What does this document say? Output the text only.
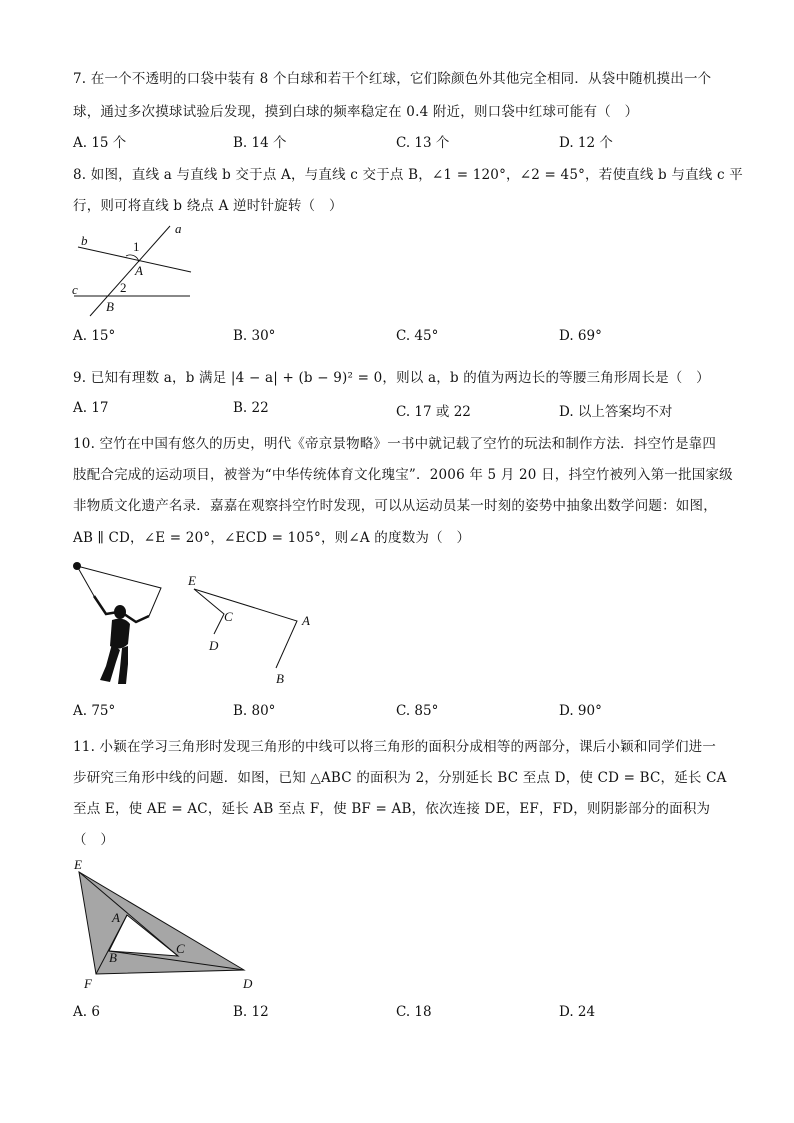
7. 在一个不透明的口袋中装有 8 个白球和若干个红球，它们除颜色外其他完全相同．从袋中随机摸出一个
球，通过多次摸球试验后发现，摸到白球的频率稳定在 0.4 附近，则口袋中红球可能有（　）
A. 15 个	B. 14 个	C. 13 个	D. 12 个
8. 如图，直线 a 与直线 b 交于点 A，与直线 c 交于点 B，∠1 = 120°，∠2 = 45°，若使直线 b 与直线 c 平
行，则可将直线 b 绕点 A 逆时针旋转（　）
a
b
c
1
2
A
B
A. 15°	B. 30°	C. 45°	D. 69°
9. 已知有理数 a，b 满足 |4 − a| + (b − 9)² = 0，则以 a，b 的值为两边长的等腰三角形周长是（　）
A. 17	B. 22	C. 17 或 22	D. 以上答案均不对
10. 空竹在中国有悠久的历史，明代《帝京景物略》一书中就记载了空竹的玩法和制作方法．抖空竹是靠四
肢配合完成的运动项目，被誉为“中华传统体育文化瑰宝”．2006 年 5 月 20 日，抖空竹被列入第一批国家级
非物质文化遗产名录．嘉嘉在观察抖空竹时发现，可以从运动员某一时刻的姿势中抽象出数学问题：如图，
AB ∥ CD，∠E = 20°，∠ECD = 105°，则∠A 的度数为（　）
E
C
D
A
B
A. 75°	B. 80°	C. 85°	D. 90°
11. 小颖在学习三角形时发现三角形的中线可以将三角形的面积分成相等的两部分，课后小颖和同学们进一
步研究三角形中线的问题．如图，已知 △ABC 的面积为 2，分别延长 BC 至点 D，使 CD = BC，延长 CA
至点 E，使 AE = AC，延长 AB 至点 F，使 BF = AB，依次连接 DE，EF，FD，则阴影部分的面积为
（　）
E
A
B
C
F	D
A. 6	B. 12	C. 18	D. 24
